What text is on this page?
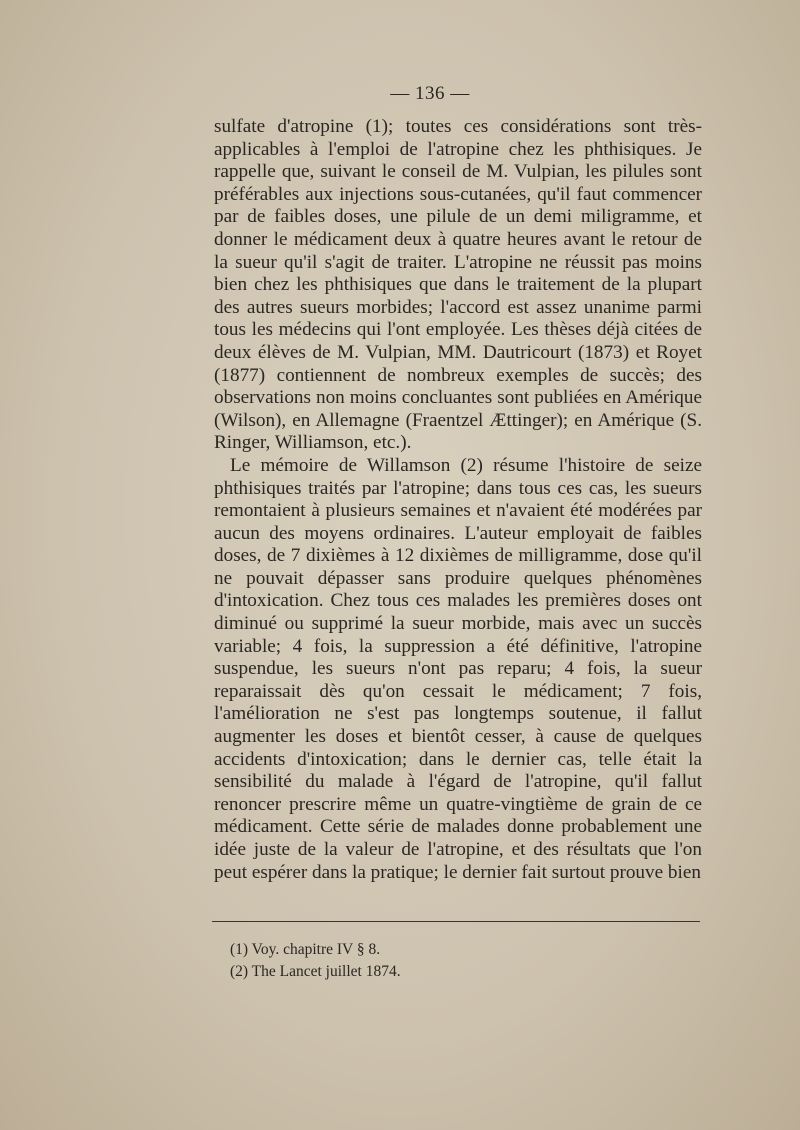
— 136 —

sulfate d'atropine (1); toutes ces considérations sont très-applicables à l'emploi de l'atropine chez les phthisiques. Je rappelle que, suivant le conseil de M. Vulpian, les pilules sont préférables aux injections sous-cutanées, qu'il faut commencer par de faibles doses, une pilule de un demi miligramme, et donner le médicament deux à quatre heures avant le retour de la sueur qu'il s'agit de traiter. L'atropine ne réussit pas moins bien chez les phthisiques que dans le traitement de la plupart des autres sueurs morbides; l'accord est assez unanime parmi tous les médecins qui l'ont employée. Les thèses déjà citées de deux élèves de M. Vulpian, MM. Dautricourt (1873) et Royet (1877) contiennent de nombreux exemples de succès; des observations non moins concluantes sont publiées en Amérique (Wilson), en Allemagne (Fraentzel Ættinger); en Amérique (S. Ringer, Williamson, etc.).

Le mémoire de Willamson (2) résume l'histoire de seize phthisiques traités par l'atropine; dans tous ces cas, les sueurs remontaient à plusieurs semaines et n'avaient été modérées par aucun des moyens ordinaires. L'auteur employait de faibles doses, de 7 dixièmes à 12 dixièmes de milligramme, dose qu'il ne pouvait dépasser sans produire quelques phénomènes d'intoxication. Chez tous ces malades les premières doses ont diminué ou supprimé la sueur morbide, mais avec un succès variable; 4 fois, la suppression a été définitive, l'atropine suspendue, les sueurs n'ont pas reparu; 4 fois, la sueur reparaissait dès qu'on cessait le médicament; 7 fois, l'amélioration ne s'est pas longtemps soutenue, il fallut augmenter les doses et bientôt cesser, à cause de quelques accidents d'intoxication; dans le dernier cas, telle était la sensibilité du malade à l'égard de l'atropine, qu'il fallut renoncer prescrire même un quatre-vingtième de grain de ce médicament. Cette série de malades donne probablement une idée juste de la valeur de l'atropine, et des résultats que l'on peut espérer dans la pratique; le dernier fait surtout prouve bien

(1) Voy. chapitre IV § 8.

(2) The Lancet juillet 1874.
